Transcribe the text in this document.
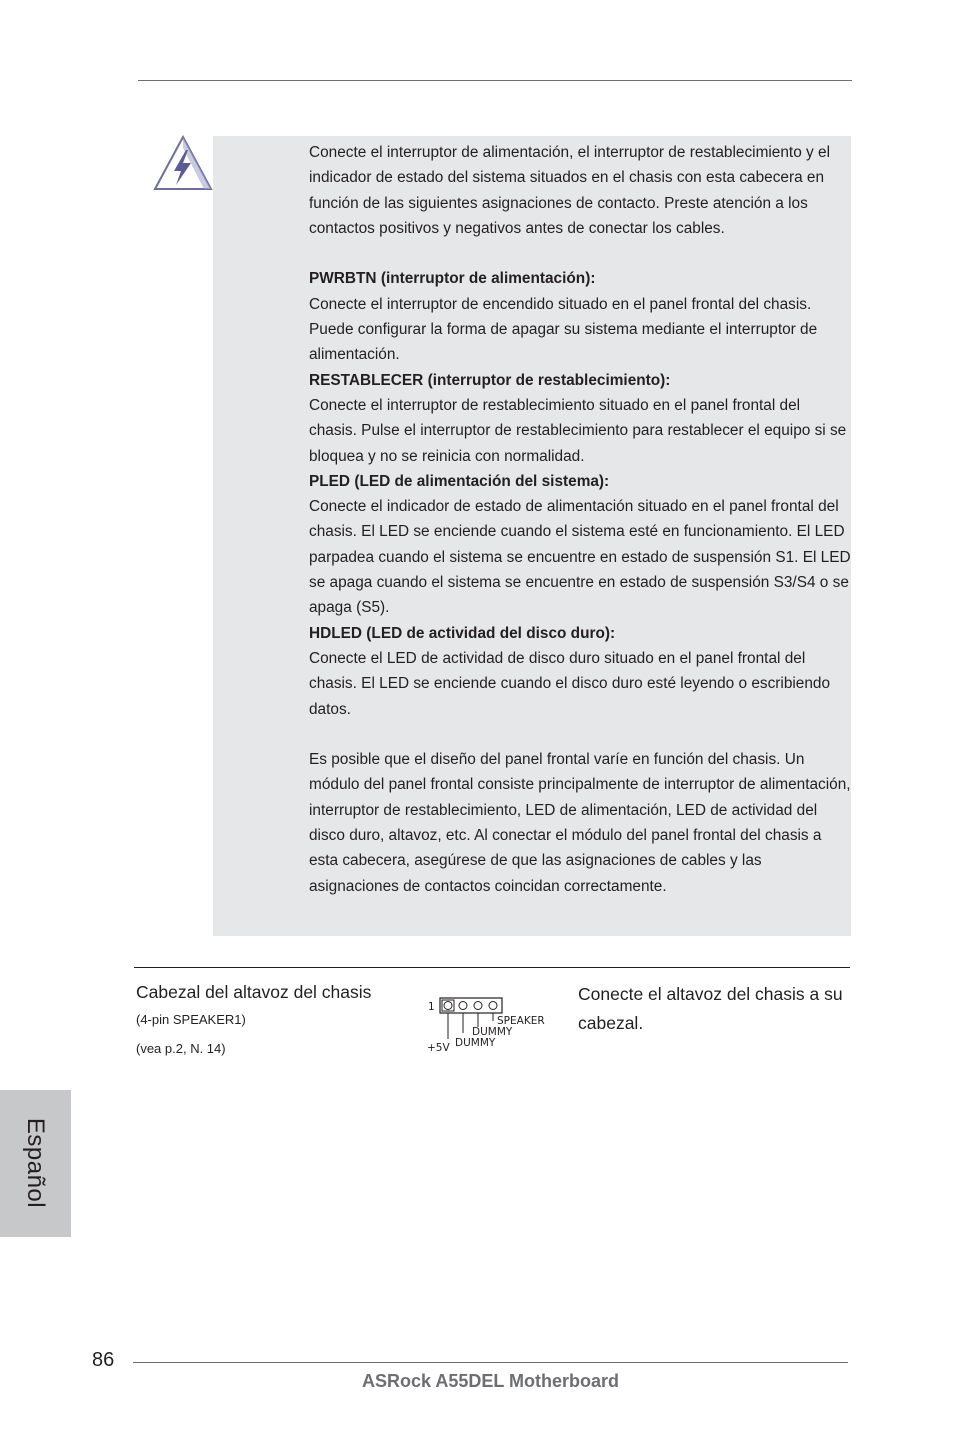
Conecte el interruptor de alimentación, el interruptor de restablecimiento y el indicador de estado del sistema situados en el chasis con esta cabecera en función de las siguientes asignaciones de contacto. Preste atención a los contactos positivos y negativos antes de conectar los cables.

PWRBTN (interruptor de alimentación):

Conecte el interruptor de encendido situado en el panel frontal del chasis. Puede configurar la forma de apagar su sistema mediante el interruptor de alimentación.

RESTABLECER (interruptor de restablecimiento):

Conecte el interruptor de restablecimiento situado en el panel frontal del chasis. Pulse el interruptor de restablecimiento para restablecer el equipo si se bloquea y no se reinicia con normalidad.

PLED (LED de alimentación del sistema):

Conecte el indicador de estado de alimentación situado en el panel frontal del chasis. El LED se enciende cuando el sistema esté en funcionamiento. El LED parpadea cuando el sistema se encuentre en estado de suspensión S1. El LED se apaga cuando el sistema se encuentre en estado de suspensión S3/S4 o se apaga (S5).

HDLED (LED de actividad del disco duro):

Conecte el LED de actividad de disco duro situado en el panel frontal del chasis. El LED se enciende cuando el disco duro esté leyendo o escribiendo datos.

Es posible que el diseño del panel frontal varíe en función del chasis. Un módulo del panel frontal consiste principalmente de interruptor de alimentación, interruptor de restablecimiento, LED de alimentación, LED de actividad del disco duro, altavoz, etc. Al conectar el módulo del panel frontal del chasis a esta cabecera, asegúrese de que las asignaciones de cables y las asignaciones de contactos coincidan correctamente.

Cabezal del altavoz del chasis
(4-pin SPEAKER1)
(vea p.2, N. 14)
1
SPEAKER
DUMMY
DUMMY
+5V
Conecte el altavoz del chasis a su cabezal.
Español
86
ASRock A55DEL Motherboard
